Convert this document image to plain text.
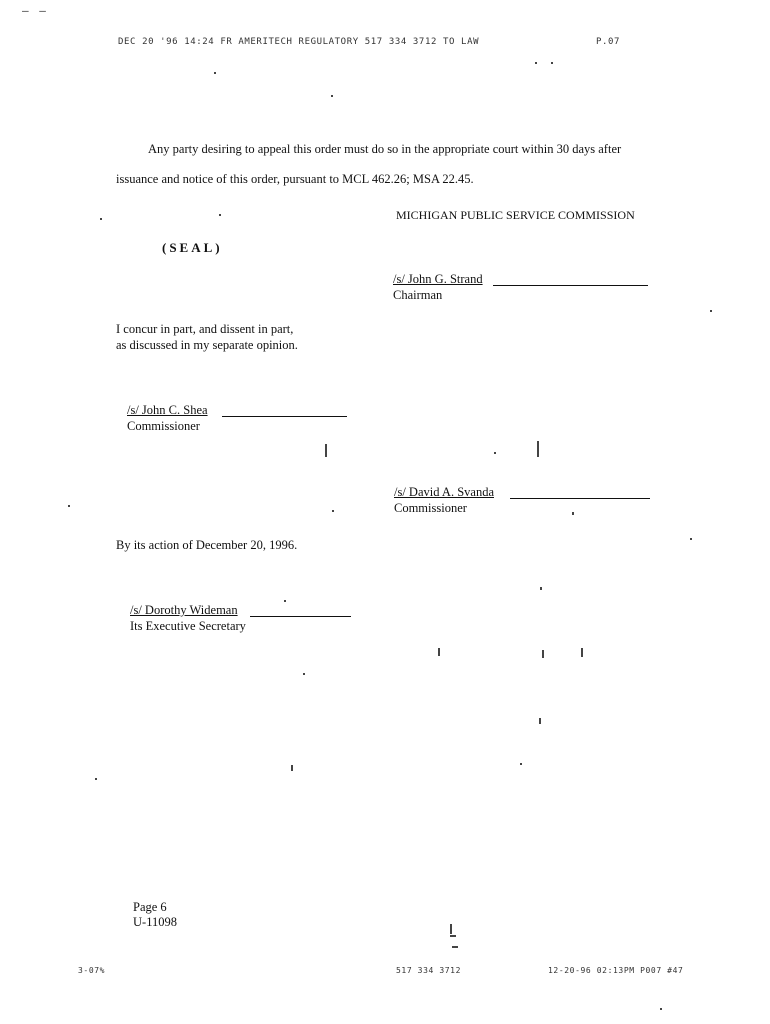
— —
DEC 20 '96 14:24 FR AMERITECH REGULATORY 517 334 3712 TO LAW	P.07
Any party desiring to appeal this order must do so in the appropriate court within 30 days after
issuance and notice of this order, pursuant to MCL 462.26; MSA 22.45.
MICHIGAN PUBLIC SERVICE COMMISSION
(SEAL)
/s/ John G. Strand
Chairman
I concur in part, and dissent in part,
as discussed in my separate opinion.
/s/ John C. Shea
Commissioner
/s/ David A. Svanda
Commissioner
By its action of December 20, 1996.
/s/ Dorothy Wideman
Its Executive Secretary
Page 6
U-11098
3-07%	517 334 3712	12-20-96 02:13PM P007 #47
